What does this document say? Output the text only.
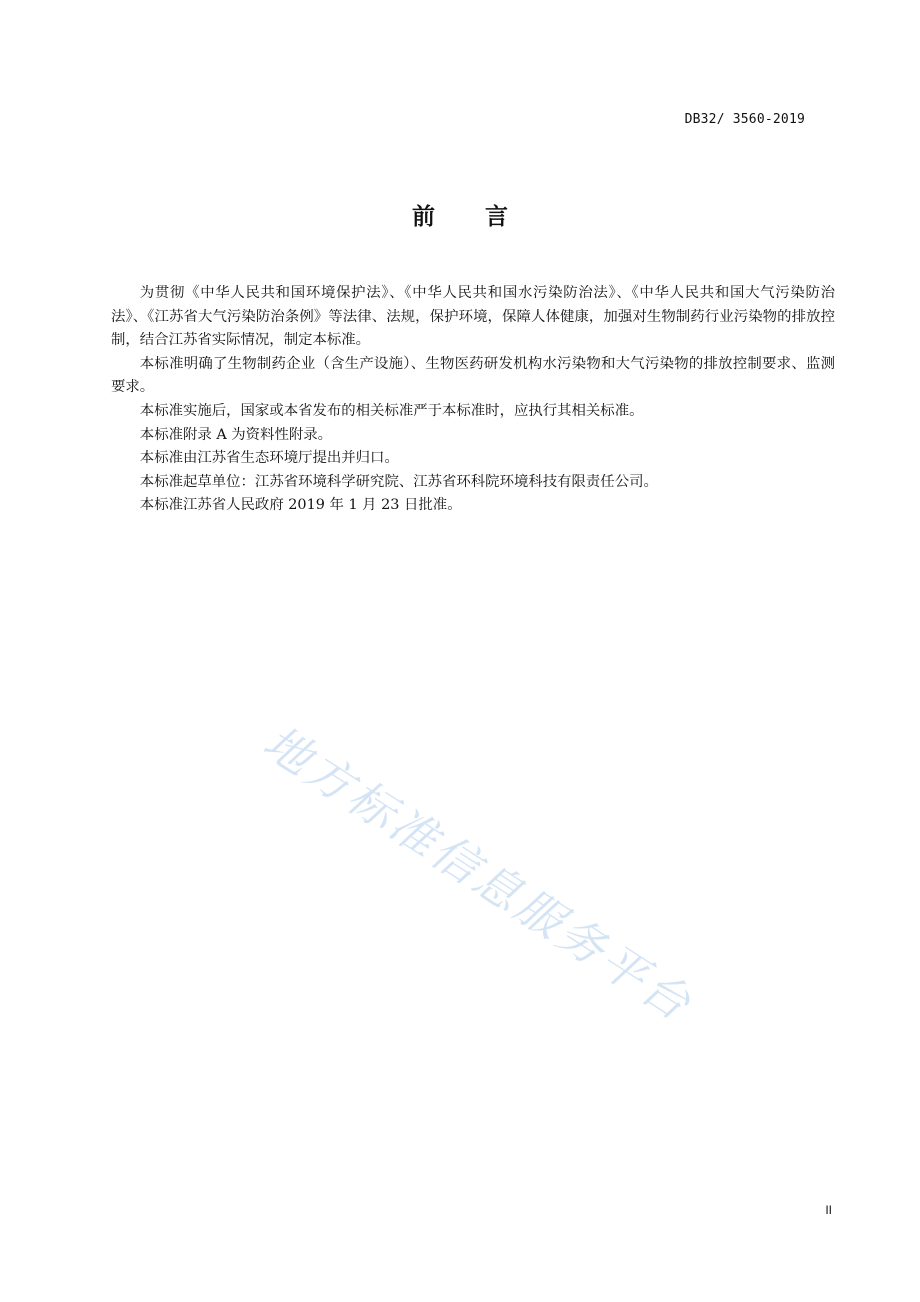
DB32/ 3560-2019
前 言

为贯彻《中华人民共和国环境保护法》、《中华人民共和国水污染防治法》、《中华人民共和国大气污染防治法》、《江苏省大气污染防治条例》等法律、法规，保护环境，保障人体健康，加强对生物制药行业污染物的排放控制，结合江苏省实际情况，制定本标准。

本标准明确了生物制药企业（含生产设施）、生物医药研发机构水污染物和大气污染物的排放控制要求、监测要求。

本标准实施后，国家或本省发布的相关标准严于本标准时，应执行其相关标准。

本标准附录 A 为资料性附录。

本标准由江苏省生态环境厅提出并归口。

本标准起草单位：江苏省环境科学研究院、江苏省环科院环境科技有限责任公司。

本标准江苏省人民政府 2019 年 1 月 23 日批准。

地方标准信息服务平台
II
